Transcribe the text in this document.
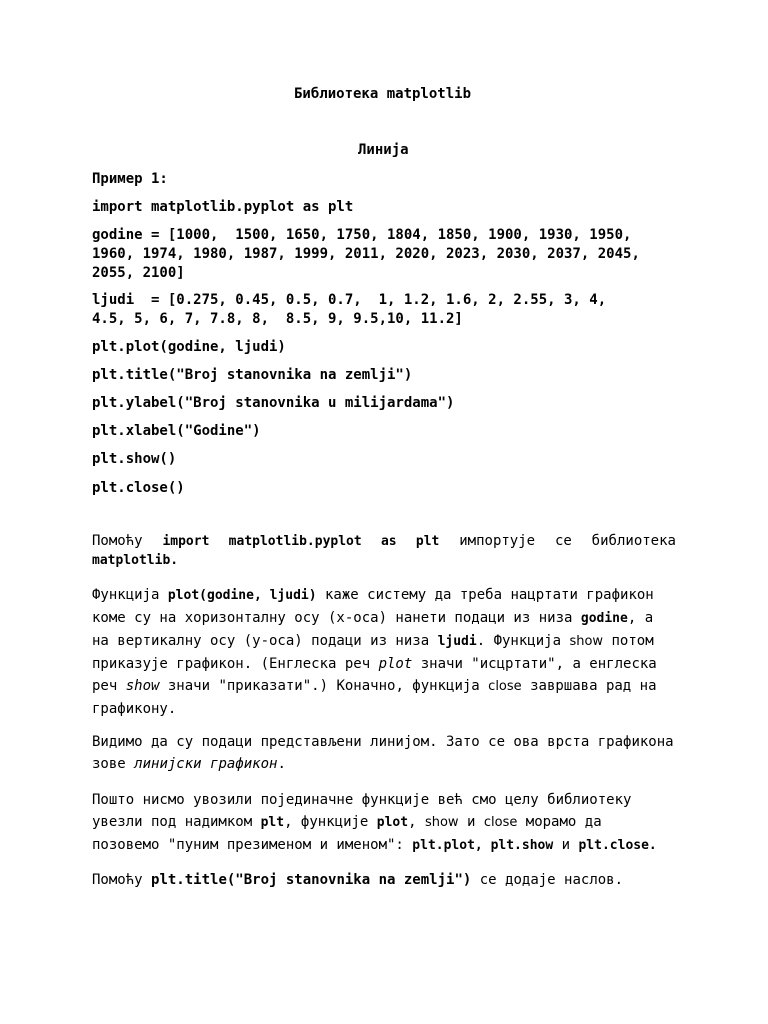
Библиотека matplotlib
Линија
Пример 1:
import matplotlib.pyplot as plt
godine = [1000,  1500, 1650, 1750, 1804, 1850, 1900, 1930, 1950,
1960, 1974, 1980, 1987, 1999, 2011, 2020, 2023, 2030, 2037, 2045,
2055, 2100]
ljudi  = [0.275, 0.45, 0.5, 0.7,  1, 1.2, 1.6, 2, 2.55, 3, 4,
4.5, 5, 6, 7, 7.8, 8,  8.5, 9, 9.5,10, 11.2]
plt.plot(godine, ljudi)
plt.title("Broj stanovnika na zemlji")
plt.ylabel("Broj stanovnika u milijardama")
plt.xlabel("Godine")
plt.show()
plt.close()

Помоћу import matplotlib.pyplot as plt импортује се библиотека matplotlib.

Функција plot(godine, ljudi) каже систему да треба нацртати графикон коме су на хоризонталну осу (x-оса) нанети подаци из низа godine, а на вертикалну осу (y-оса) подаци из низа ljudi. Функција show потом приказује графикон. (Енглеска реч plot значи "исцртати", а енглеска реч show значи "приказати".) Коначно, функција close завршава рад на графикону.

Видимо да су подаци представљени линијом. Зато се ова врста графикона зове линијски графикон.

Пошто нисмо увозили појединачне функције већ смо целу библиотеку увезли под надимком plt, функције plot, show и close морамо да позовемо "пуним презименом и именом": plt.plot, plt.show и plt.close.

Помоћу plt.title("Broj stanovnika na zemlji") се додаје наслов.
